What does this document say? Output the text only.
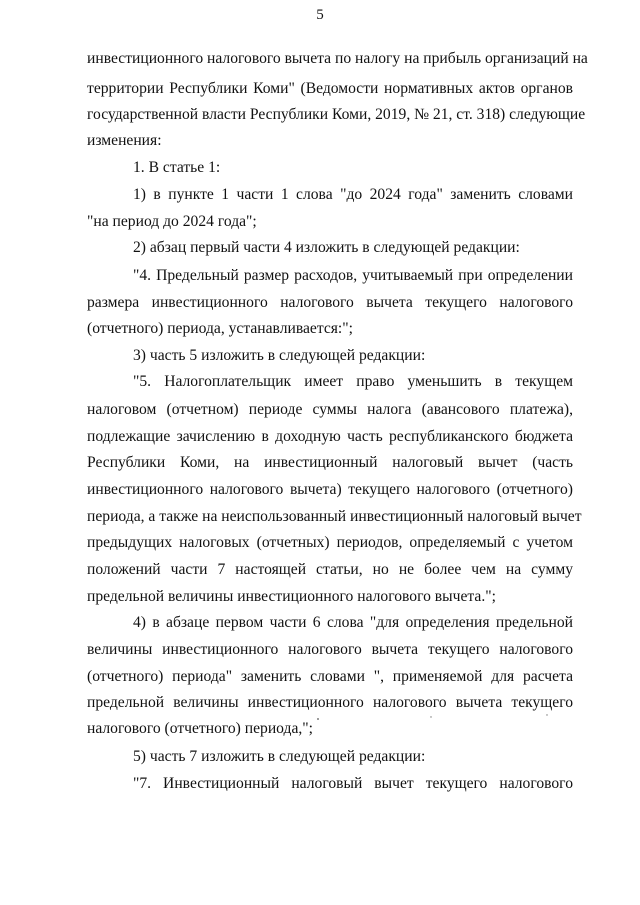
5
инвестиционного налогового вычета по налогу на прибыль организаций на
территории Республики Коми" (Ведомости нормативных актов органов
государственной власти Республики Коми, 2019, № 21, ст. 318) следующие
изменения:
1. В статье 1:
1) в пункте 1 части 1 слова "до 2024 года" заменить словами
"на период до 2024 года";
2) абзац первый части 4 изложить в следующей редакции:
"4. Предельный размер расходов, учитываемый при определении
размера инвестиционного налогового вычета текущего налогового
(отчетного) периода, устанавливается:";
3) часть 5 изложить в следующей редакции:
"5. Налогоплательщик имеет право уменьшить в текущем
налоговом (отчетном) периоде суммы налога (авансового платежа),
подлежащие зачислению в доходную часть республиканского бюджета
Республики Коми, на инвестиционный налоговый вычет (часть
инвестиционного налогового вычета) текущего налогового (отчетного)
периода, а также на неиспользованный инвестиционный налоговый вычет
предыдущих налоговых (отчетных) периодов, определяемый с учетом
положений части 7 настоящей статьи, но не более чем на сумму
предельной величины инвестиционного налогового вычета.";
4) в абзаце первом части 6 слова "для определения предельной
величины инвестиционного налогового вычета текущего налогового
(отчетного) периода" заменить словами ", применяемой для расчета
предельной величины инвестиционного налогового вычета текущего
налогового (отчетного) периода,";
5) часть 7 изложить в следующей редакции:
"7. Инвестиционный налоговый вычет текущего налогового
